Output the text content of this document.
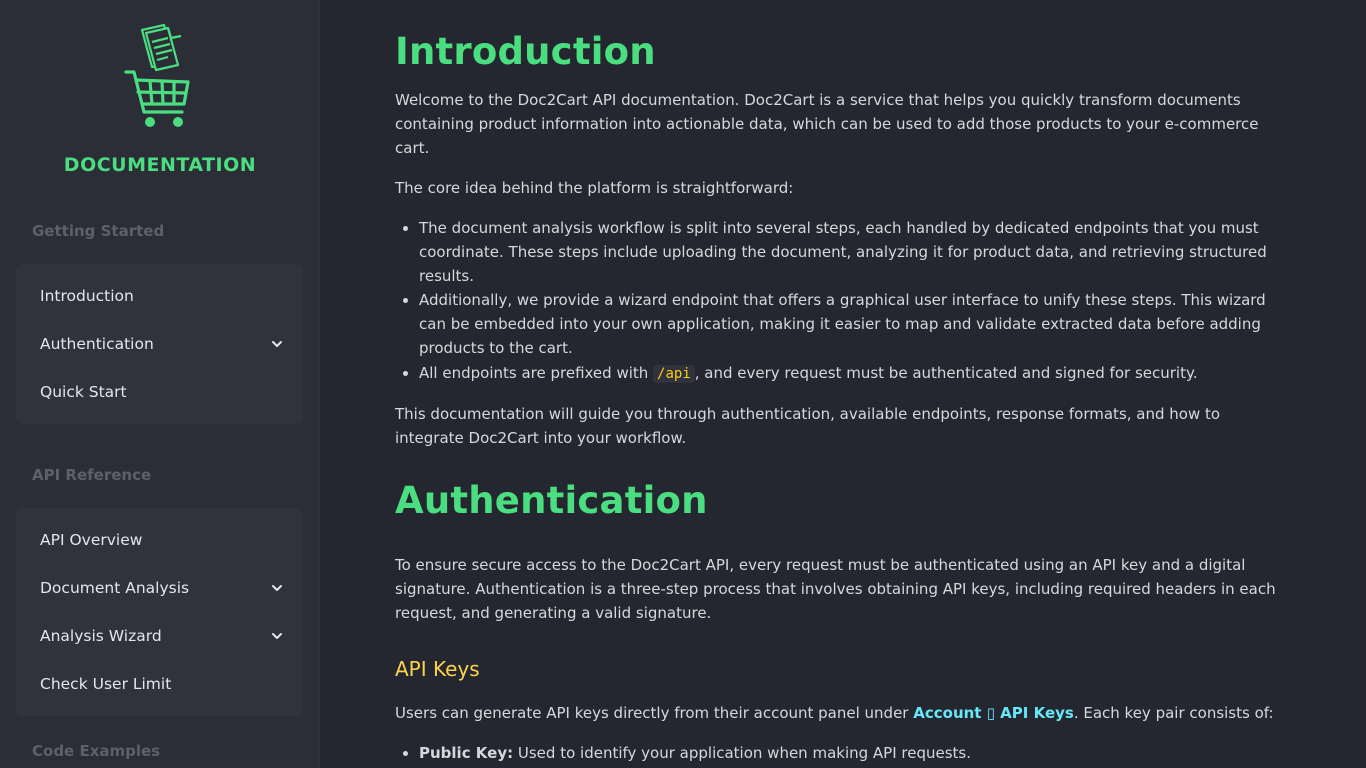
DOCUMENTATION
Getting Started
Introduction
Authentication
Quick Start
API Reference
API Overview
Document Analysis
Analysis Wizard
Check User Limit
Code Examples
Introduction

Welcome to the Doc2Cart API documentation. Doc2Cart is a service that helps you quickly transform documents containing product information into actionable data, which can be used to add those products to your e-commerce cart.

The core idea behind the platform is straightforward:

• The document analysis workflow is split into several steps, each handled by dedicated endpoints that you must coordinate. These steps include uploading the document, analyzing it for product data, and retrieving structured results.
• Additionally, we provide a wizard endpoint that offers a graphical user interface to unify these steps. This wizard can be embedded into your own application, making it easier to map and validate extracted data before adding products to the cart.
• All endpoints are prefixed with /api , and every request must be authenticated and signed for security.

This documentation will guide you through authentication, available endpoints, response formats, and how to integrate Doc2Cart into your workflow.

Authentication

To ensure secure access to the Doc2Cart API, every request must be authenticated using an API key and a digital signature. Authentication is a three-step process that involves obtaining API keys, including required headers in each request, and generating a valid signature.

API Keys

Users can generate API keys directly from their account panel under Account ▯ API Keys. Each key pair consists of:

• Public Key: Used to identify your application when making API requests.
